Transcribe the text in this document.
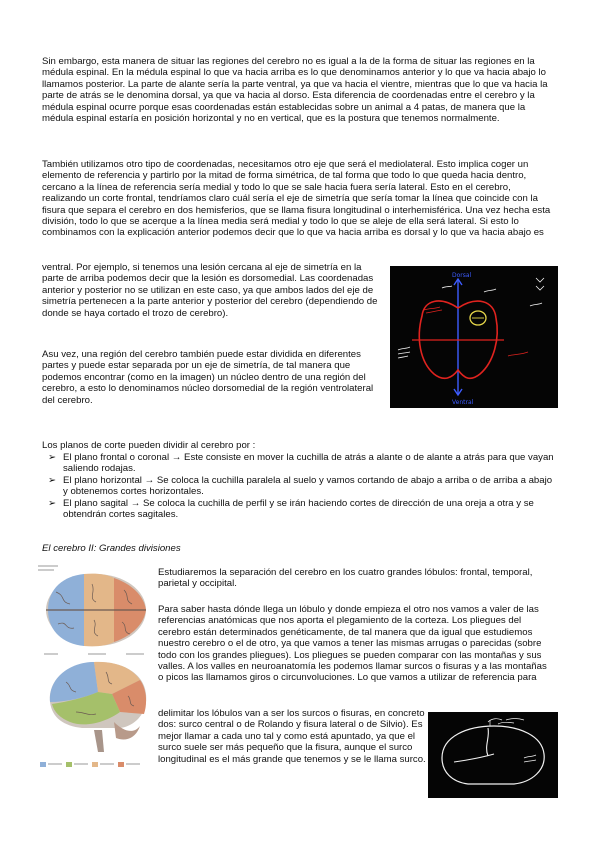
Sin embargo, esta manera de situar las regiones del cerebro no es igual a la de la forma de situar las regiones en la médula espinal. En la médula espinal lo que va hacia arriba es lo que denominamos anterior y lo que va hacia abajo lo llamamos posterior. La parte de alante sería la parte ventral, ya que va hacia el vientre, mientras que lo que va hacia la parte de atrás se le denomina dorsal, ya que va hacia al dorso. Esta diferencia de coordenadas entre el cerebro y la médula espinal ocurre porque esas coordenadas están establecidas sobre un animal a 4 patas, de manera que la médula espinal estaría en posición horizontal y no en vertical, que es la postura que tenemos normalmente.

También utilizamos otro tipo de coordenadas, necesitamos otro eje que será el mediolateral. Esto implica coger un elemento de referencia y partirlo por la mitad de forma simétrica, de tal forma que todo lo que queda hacia dentro, cercano a la línea de referencia sería medial y todo lo que se sale hacia fuera sería lateral. Esto en el cerebro, realizando un corte frontal, tendríamos claro cuál sería el eje de simetría que sería tomar la línea que coincide con la fisura que separa el cerebro en dos hemisferios, que se llama fisura longitudinal o interhemisférica. Una vez hecha esta división, todo lo que se acerque a la línea media será medial y todo lo que se aleje de ella será lateral. Si esto lo combinamos con la explicación anterior podemos decir que lo que va hacia arriba es dorsal y lo que va hacia abajo es

ventral. Por ejemplo, si tenemos una lesión cercana al eje de simetría en la parte de arriba podemos decir que la lesión es dorsomedial. Las coordenadas anterior y posterior no se utilizan en este caso, ya que ambos lados del eje de simetría pertenecen a la parte anterior y posterior del cerebro (dependiendo de donde se haya cortado el trozo de cerebro).

Asu vez, una región del cerebro también puede estar dividida en diferentes partes y puede estar separada por un eje de simetría, de tal manera que podemos encontrar (como en la imagen) un núcleo dentro de una región del cerebro, a esto lo denominamos núcleo dorsomedial de la región ventrolateral del cerebro.

Dorsal
Ventral

Los planos de corte pueden dividir al cerebro por :

➢ El plano frontal o coronal → Este consiste en mover la cuchilla de atrás a alante o de alante a atrás para que vayan saliendo rodajas.
➢ El plano horizontal → Se coloca la cuchilla paralela al suelo y vamos cortando de abajo a arriba o de arriba a abajo y obtenemos cortes horizontales.
➢ El plano sagital → Se coloca la cuchilla de perfil y se irán haciendo cortes de dirección de una oreja a otra y se obtendrán cortes sagitales.
El cerebro II: Grandes divisiones

Estudiaremos la separación del cerebro en los cuatro grandes lóbulos: frontal, temporal, parietal y occipital.

Para saber hasta dónde llega un lóbulo y donde empieza el otro nos vamos a valer de las referencias anatómicas que nos aporta el plegamiento de la corteza. Los pliegues del cerebro están determinados genéticamente, de tal manera que da igual que estudiemos nuestro cerebro o el de otro, ya que vamos a tener las mismas arrugas o parecidas (sobre todo con los grandes pliegues). Los pliegues se pueden comparar con las montañas y sus valles. A los valles en neuroanatomía les podemos llamar surcos o fisuras y a las montañas o picos las llamamos giros o circunvoluciones. Lo que vamos a utilizar de referencia para

delimitar los lóbulos van a ser los surcos o fisuras, en concreto dos: surco central o de Rolando y fisura lateral o de Silvio). Es mejor llamar a cada uno tal y como está apuntado, ya que el surco suele ser más pequeño que la fisura, aunque el surco longitudinal es el más grande que tenemos y se le llama surco.
